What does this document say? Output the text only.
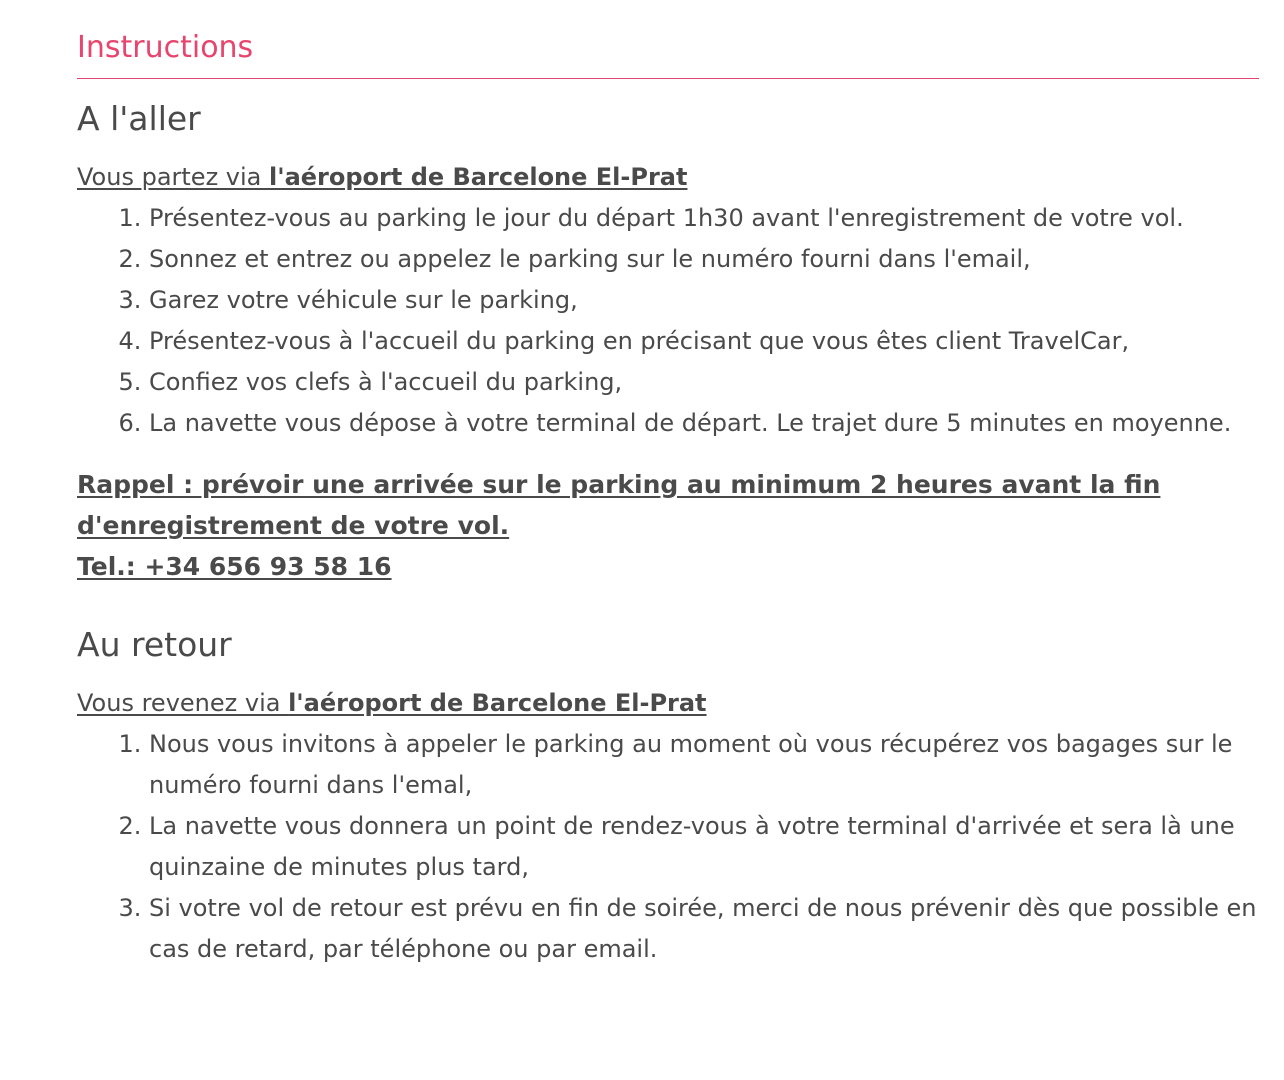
Instructions
A l'aller

Vous partez via l'aéroport de Barcelone El-Prat

1. Présentez-vous au parking le jour du départ 1h30 avant l'enregistrement de votre vol.
2. Sonnez et entrez ou appelez le parking sur le numéro fourni dans l'email,
3. Garez votre véhicule sur le parking,
4. Présentez-vous à l'accueil du parking en précisant que vous êtes client TravelCar,
5. Confiez vos clefs à l'accueil du parking,
6. La navette vous dépose à votre terminal de départ. Le trajet dure 5 minutes en moyenne.
Rappel : prévoir une arrivée sur le parking au minimum 2 heures avant la fin d'enregistrement de votre vol.
Tel.: +34 656 93 58 16
Au retour

Vous revenez via l'aéroport de Barcelone El-Prat

1. Nous vous invitons à appeler le parking au moment où vous récupérez vos bagages sur le numéro fourni dans l'emal,
2. La navette vous donnera un point de rendez-vous à votre terminal d'arrivée et sera là une quinzaine de minutes plus tard,
3. Si votre vol de retour est prévu en fin de soirée, merci de nous prévenir dès que possible en cas de retard, par téléphone ou par email.
